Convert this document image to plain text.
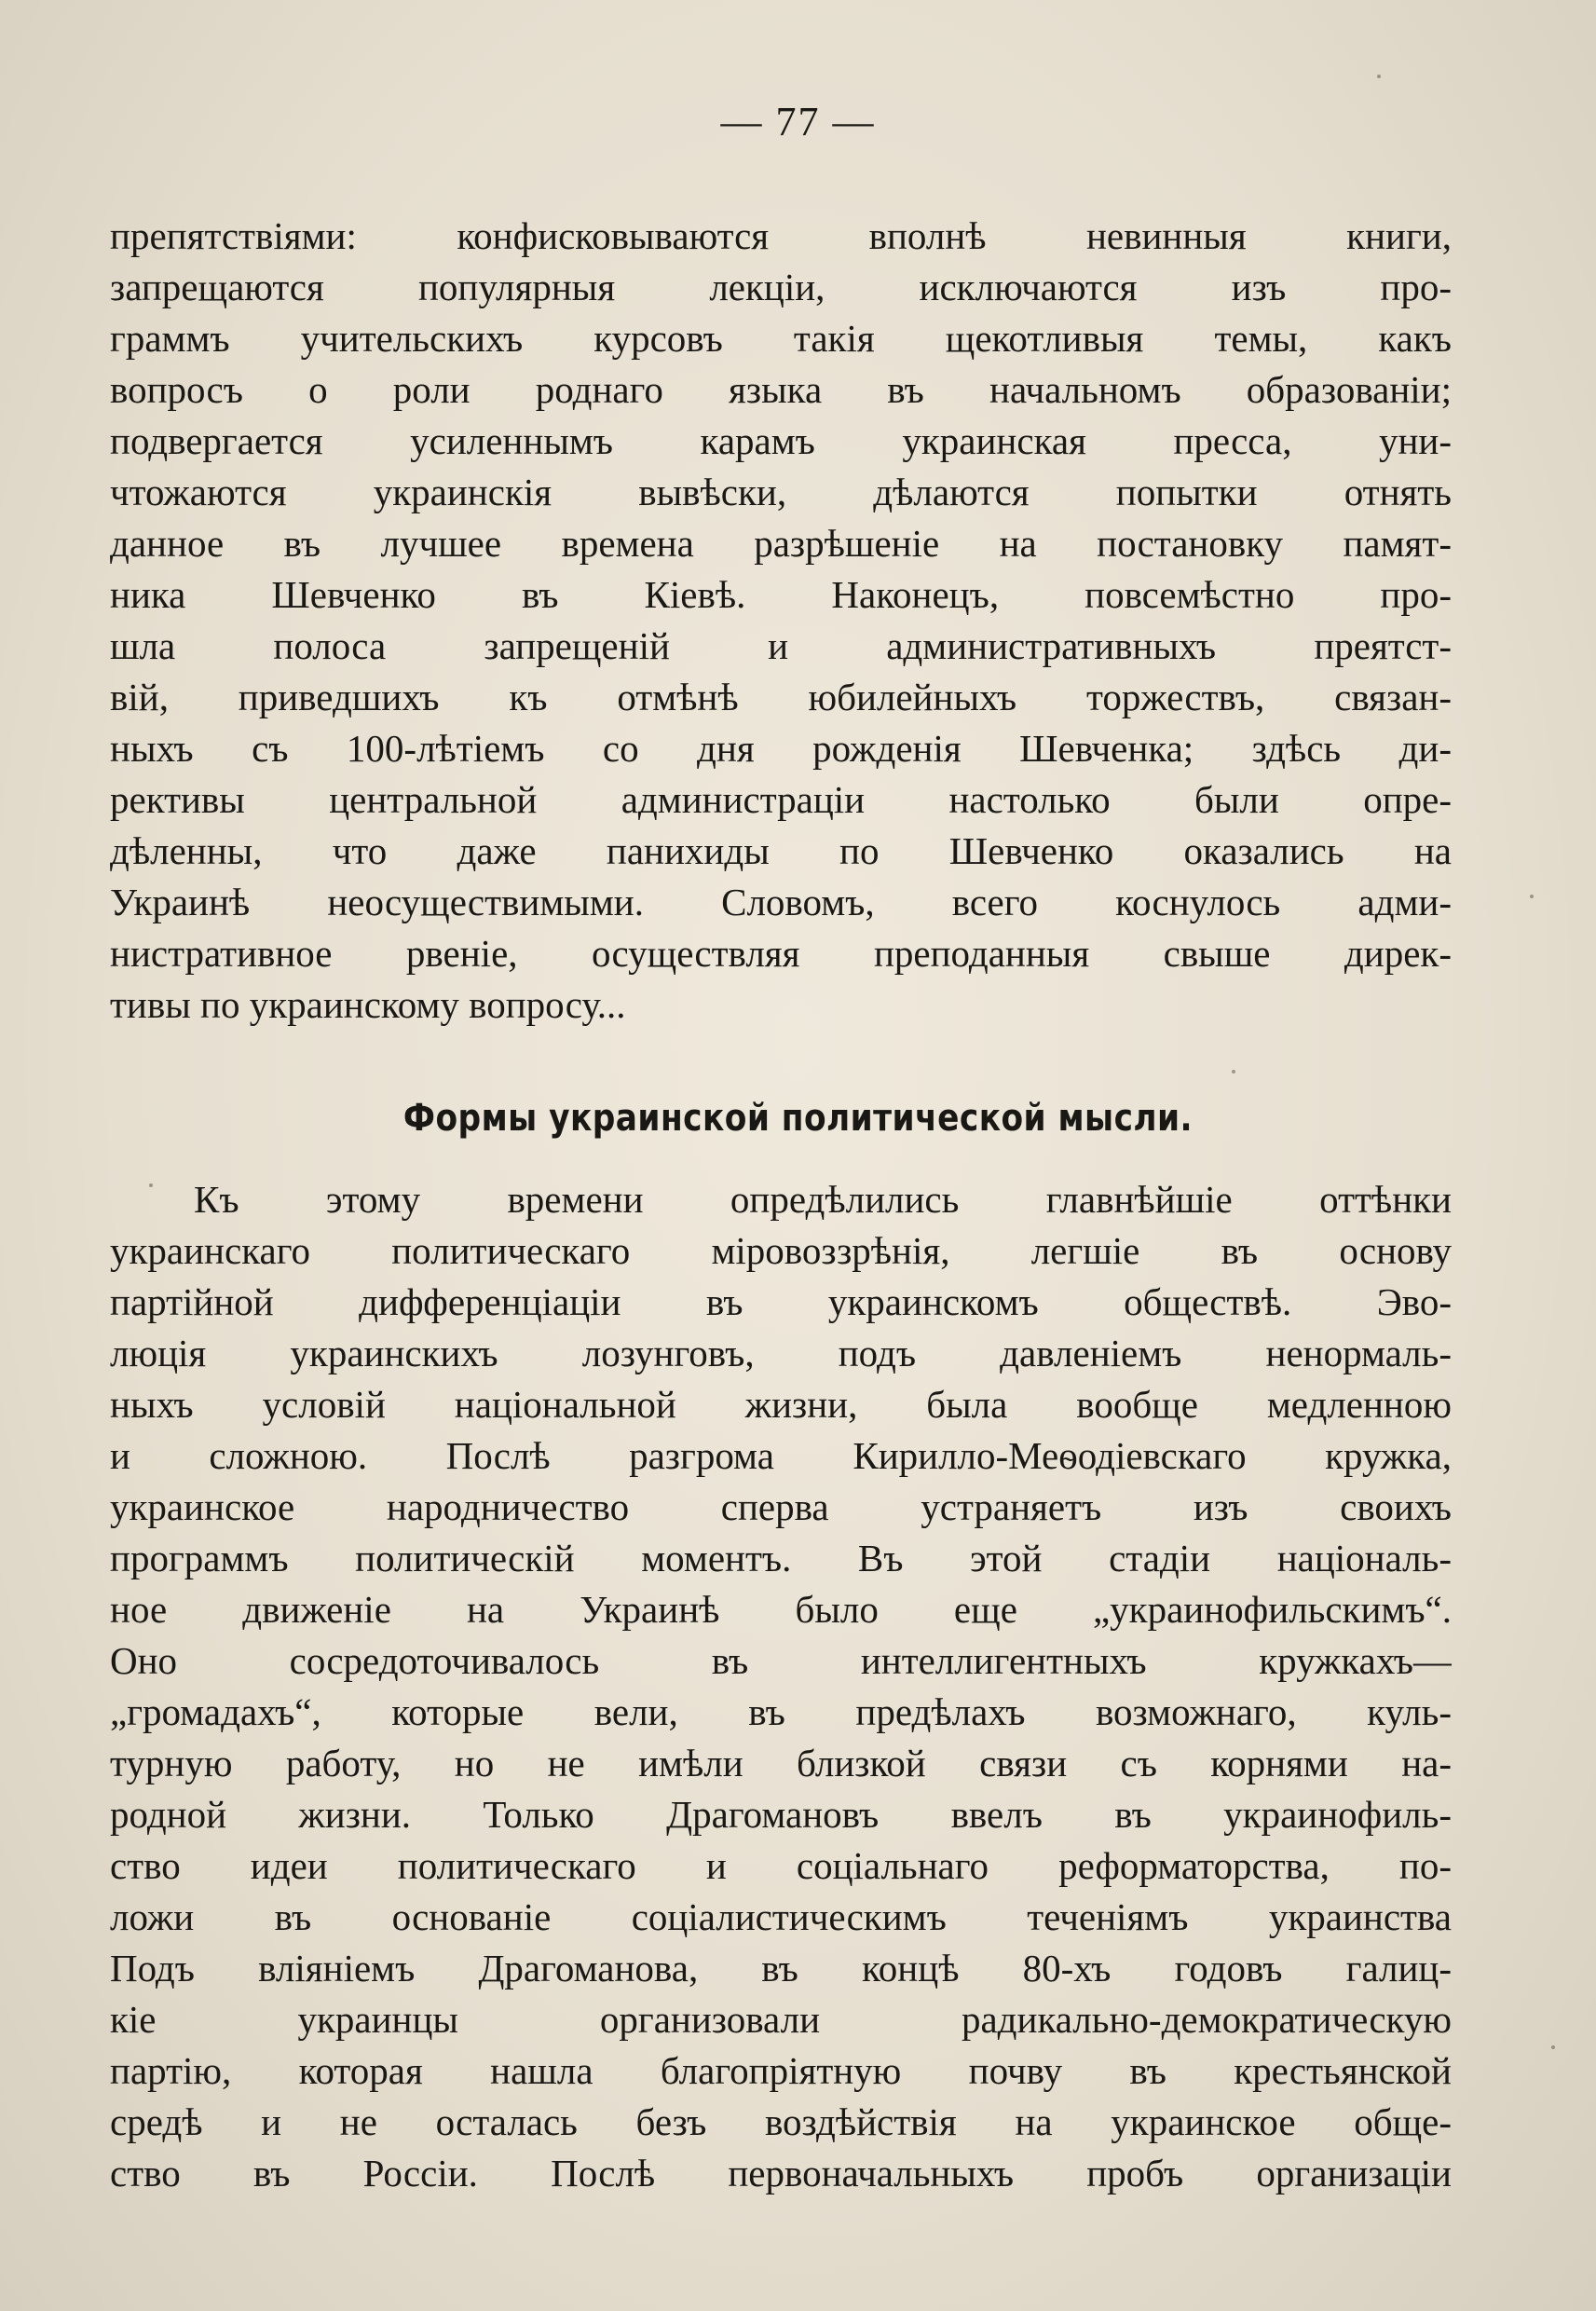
— 77 —
препятствіями: конфисковываются вполнѣ невинныя книги,
запрещаются популярныя лекціи, исключаются изъ про-
граммъ учительскихъ курсовъ такія щекотливыя темы, какъ
вопросъ о роли роднаго языка въ начальномъ образованіи;
подвергается усиленнымъ карамъ украинская пресса, уни-
чтожаются украинскія вывѣски, дѣлаются попытки отнять
данное въ лучшее времена разрѣшеніе на постановку памят-
ника Шевченко въ Кіевѣ. Наконецъ, повсемѣстно про-
шла полоса запрещеній и административныхъ преятст-
вій, приведшихъ къ отмѣнѣ юбилейныхъ торжествъ, связан-
ныхъ съ 100-лѣтіемъ со дня рожденія Шевченка; здѣсь ди-
рективы центральной администраціи настолько были опре-
дѣленны, что даже панихиды по Шевченко оказались на
Украинѣ неосуществимыми. Словомъ, всего коснулось адми-
нистративное рвеніе, осуществляя преподанныя свыше дирек-
тивы по украинскому вопросу...
Формы украинской политической мысли.
Къ этому времени опредѣлились главнѣйшіе оттѣнки
украинскаго политическаго міровоззрѣнія, легшіе въ основу
партійной дифференціаціи въ украинскомъ обществѣ. Эво-
люція украинскихъ лозунговъ, подъ давленіемъ ненормаль-
ныхъ условій національной жизни, была вообще медленною
и сложною. Послѣ разгрома Кирилло-Меѳодіевскаго кружка,
украинское народничество сперва устраняетъ изъ своихъ
программъ политическій моментъ. Въ этой стадіи національ-
ное движеніе на Украинѣ было еще „украинофильскимъ“.
Оно сосредоточивалось въ интеллигентныхъ кружкахъ—
„громадахъ“, которые вели, въ предѣлахъ возможнаго, куль-
турную работу, но не имѣли близкой связи съ корнями на-
родной жизни. Только Драгомановъ ввелъ въ украинофиль-
ство идеи политическаго и соціальнаго реформаторства, по-
ложи въ основаніе соціалистическимъ теченіямъ украинства
Подъ вліяніемъ Драгоманова, въ концѣ 80-хъ годовъ галиц-
кіе украинцы организовали радикально-демократическую
партію, которая нашла благопріятную почву въ крестьянской
средѣ и не осталась безъ воздѣйствія на украинское обще-
ство въ Россіи. Послѣ первоначальныхъ пробъ организаціи
